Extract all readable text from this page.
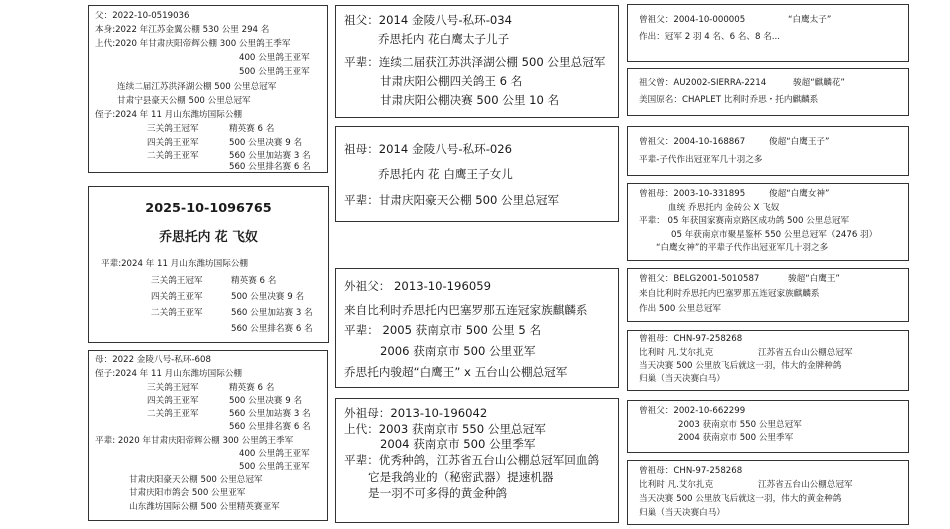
父：2022-10-0519036
本身:2022 年江苏金翼公棚 530 公里 294 名
上代:2020 年甘肃庆阳帝辉公棚 300 公里鸽王季军
400 公里鸽王亚军
500 公里鸽王亚军
连续二届江苏洪泽湖公棚 500 公里总冠军
甘肃宁县豪天公棚 500 公里总冠军
侄子:2024 年 11 月山东潍坊国际公棚
三关鸽王冠军	精英赛 6 名
四关鸽王亚军	500 公里决赛 9 名
二关鸽王亚军	560 公里加站赛 3 名
560 公里排名赛 6 名
2025-10-1096765
乔思托内 花 飞奴
平辈:2024 年 11 月山东潍坊国际公棚
三关鸽王冠军	精英赛 6 名
四关鸽王亚军	500 公里决赛 9 名
二关鸽王亚军	560 公里加站赛 3 名
560 公里排名赛 6 名
母：2022 金陵八号-私环-608
侄子:2024 年 11 月山东潍坊国际公棚
三关鸽王冠军	精英赛 6 名
四关鸽王亚军	500 公里决赛 9 名
二关鸽王亚军	560 公里加站赛 3 名
560 公里排名赛 6 名
平辈: 2020 年甘肃庆阳帝辉公棚 300 公里鸽王季军
400 公里鸽王亚军
500 公里鸽王亚军
甘肃庆阳豪天公棚 500 公里总冠军
甘肃庆阳市鸽会 500 公里亚军
山东潍坊国际公棚 500 公里精英赛亚军
祖父：2014 金陵八号-私环-034
乔思托内 花白鹰太子儿子
平辈：连续二届获江苏洪泽湖公棚 500 公里总冠军
甘肃庆阳公棚四关鸽王 6 名
甘肃庆阳公棚决赛 500 公里 10 名
祖母：2014 金陵八号-私环-026
乔思托内 花 白鹰王子女儿
平辈：甘肃庆阳豪天公棚 500 公里总冠军
外祖父： 2013-10-196059
来自比利时乔思托内巴塞罗那五连冠家族麒麟系
平辈： 2005 获南京市 500 公里 5 名
2006 获南京市 500 公里亚军
乔思托内骏超“白鹰王” x 五台山公棚总冠军
外祖母：2013-10-196042
上代：2003 获南京市 550 公里总冠军
2004 获南京市 500 公里季军
平辈：优秀种鸽，江苏省五台山公棚总冠军回血鸽
它是我鸽业的（秘密武器）提速机器
是一羽不可多得的黄金种鸽
曾祖父：2004-10-000005	“白鹰太子”
作出：冠军 2 羽 4 名、6 名、8 名...
祖父曾：AU2002-SIERRA-2214	骏超“麒麟花”
美国原名：CHAPLET 比利时乔思・托内麒麟系
曾祖父：2004-10-168867	俊超“白鹰王子”
平辈-子代作出冠亚军几十羽之多
曾祖母：2003-10-331895	俊超“白鹰女神”
血统 乔思托内 金砖公 X 飞奴
平辈： 05 年获国家赛南京路区成功鸽 500 公里总冠军
05 年获南京市聚星鉴杯 550 公里总冠军（2476 羽）
“白鹰女神”的平辈子代作出冠亚军几十羽之多
曾祖父：BELG2001-5010587	骏超“白鹰王”
来自比利时乔思托内巴塞罗那五连冠家族麒麟系
作出 500 公里总冠军
曾祖母：CHN-97-258268
比利时 凡.艾尔扎克	江苏省五台山公棚总冠军
当天决赛 500 公里放飞后就这一羽，伟大的金牌种鸽
归巢（当天决赛白马）
曾祖父：2002-10-662299
2003 获南京市 550 公里总冠军
2004 获南京市 500 公里季军
曾祖母：CHN-97-258268
比利时 凡.艾尔扎克	江苏省五台山公棚总冠军
当天决赛 500 公里放飞后就这一羽，伟大的黄金种鸽
归巢（当天决赛白马）
